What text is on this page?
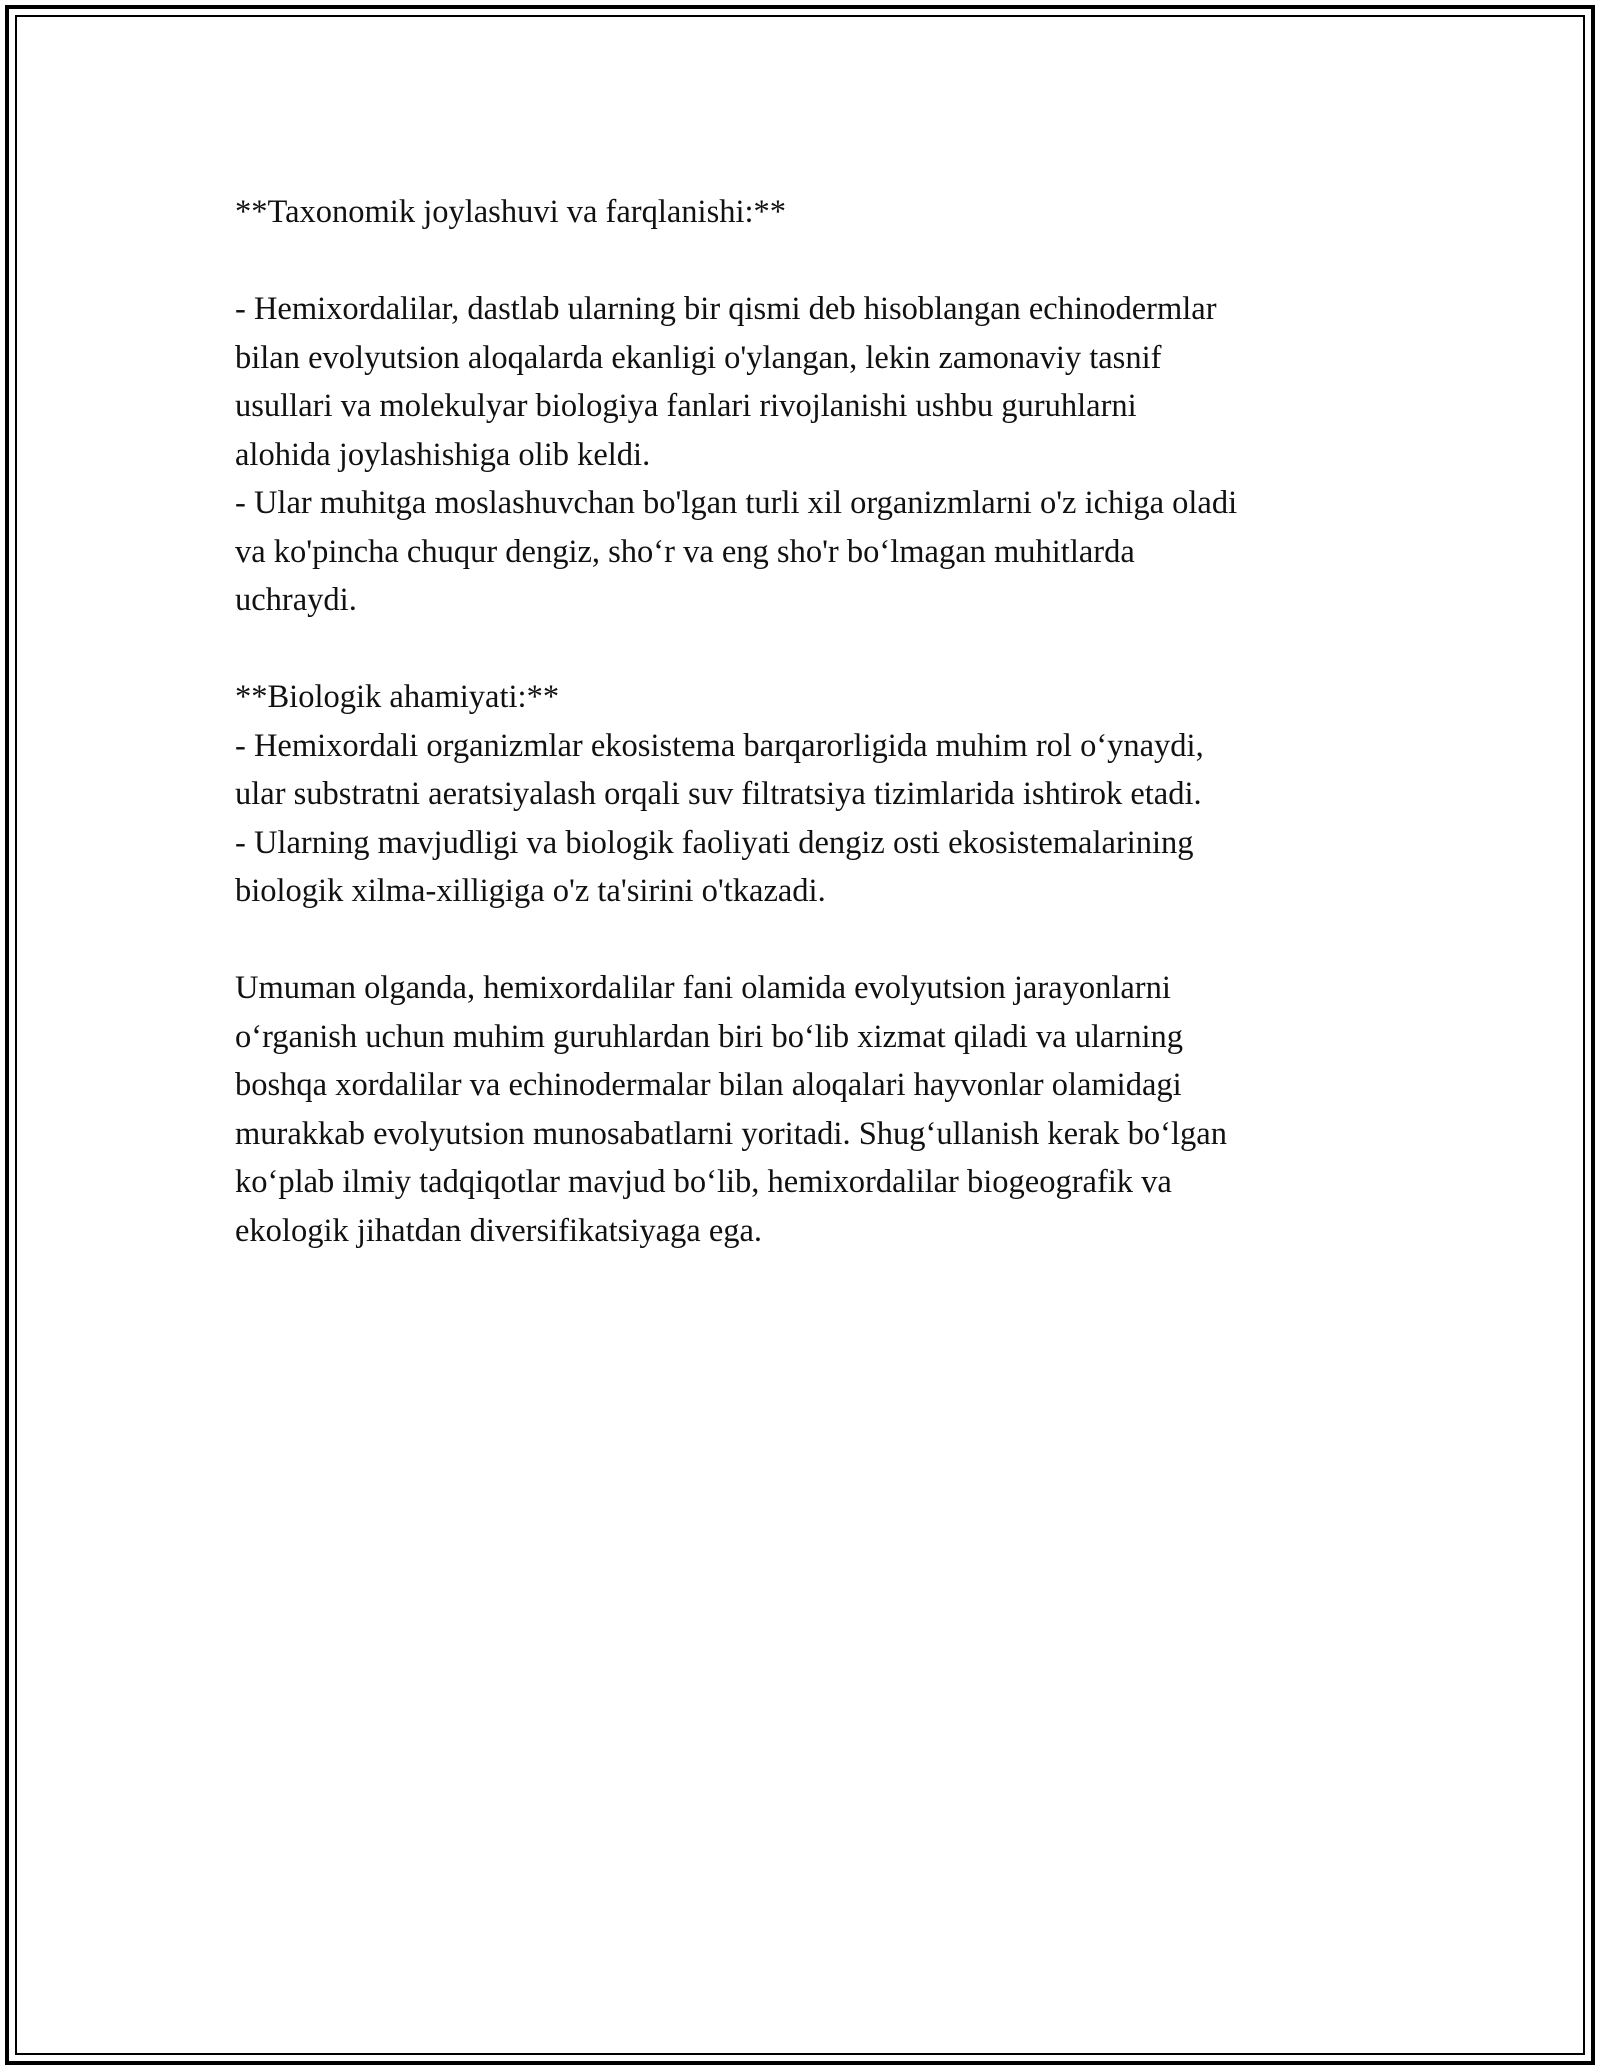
**Taxonomik joylashuvi va farqlanishi:**

- Hemixordalilar, dastlab ularning bir qismi deb hisoblangan echinodermlar

bilan evolyutsion aloqalarda ekanligi o'ylangan, lekin zamonaviy tasnif

usullari va molekulyar biologiya fanlari rivojlanishi ushbu guruhlarni

alohida joylashishiga olib keldi.

- Ular muhitga moslashuvchan bo'lgan turli xil organizmlarni o'z ichiga oladi

va ko'pincha chuqur dengiz, sho‘r va eng sho'r bo‘lmagan muhitlarda

uchraydi.

**Biologik ahamiyati:**

- Hemixordali organizmlar ekosistema barqarorligida muhim rol o‘ynaydi,

ular substratni aeratsiyalash orqali suv filtratsiya tizimlarida ishtirok etadi.

- Ularning mavjudligi va biologik faoliyati dengiz osti ekosistemalarining

biologik xilma-xilligiga o'z ta'sirini o'tkazadi.

Umuman olganda, hemixordalilar fani olamida evolyutsion jarayonlarni

o‘rganish uchun muhim guruhlardan biri bo‘lib xizmat qiladi va ularning

boshqa xordalilar va echinodermalar bilan aloqalari hayvonlar olamidagi

murakkab evolyutsion munosabatlarni yoritadi. Shug‘ullanish kerak bo‘lgan

ko‘plab ilmiy tadqiqotlar mavjud bo‘lib, hemixordalilar biogeografik va

ekologik jihatdan diversifikatsiyaga ega.
